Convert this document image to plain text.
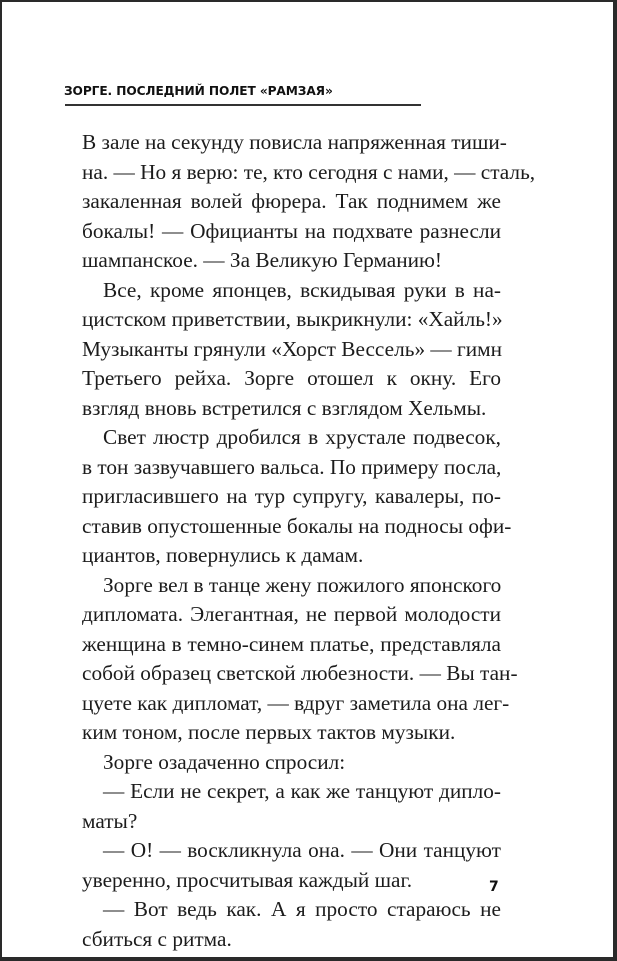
ЗОРГЕ. ПОСЛЕДНИЙ ПОЛЕТ «РАМЗАЯ»
В зале на секунду повисла напряженная тиши-
на. — Но я верю: те, кто сегодня с нами, — сталь,
закаленная волей фюрера. Так поднимем же
бокалы! — Официанты на подхвате разнесли
шампанское. — За Великую Германию!
Все, кроме японцев, вскидывая руки в на-
цистском приветствии, выкрикнули: «Хайль!»
Музыканты грянули «Хорст Вессель» — гимн
Третьего рейха. Зорге отошел к окну. Его
взгляд вновь встретился с взглядом Хельмы.
Свет люстр дробился в хрустале подвесок,
в тон зазвучавшего вальса. По примеру посла,
пригласившего на тур супругу, кавалеры, по-
ставив опустошенные бокалы на подносы офи-
циантов, повернулись к дамам.
Зорге вел в танце жену пожилого японского
дипломата. Элегантная, не первой молодости
женщина в темно-синем платье, представляла
собой образец светской любезности. — Вы тан-
цуете как дипломат, — вдруг заметила она лег-
ким тоном, после первых тактов музыки.
Зорге озадаченно спросил:
— Если не секрет, а как же танцуют дипло-
маты?
— О! — воскликнула она. — Они танцуют
уверенно, просчитывая каждый шаг.
— Вот ведь как. А я просто стараюсь не
сбиться с ритма.
7
